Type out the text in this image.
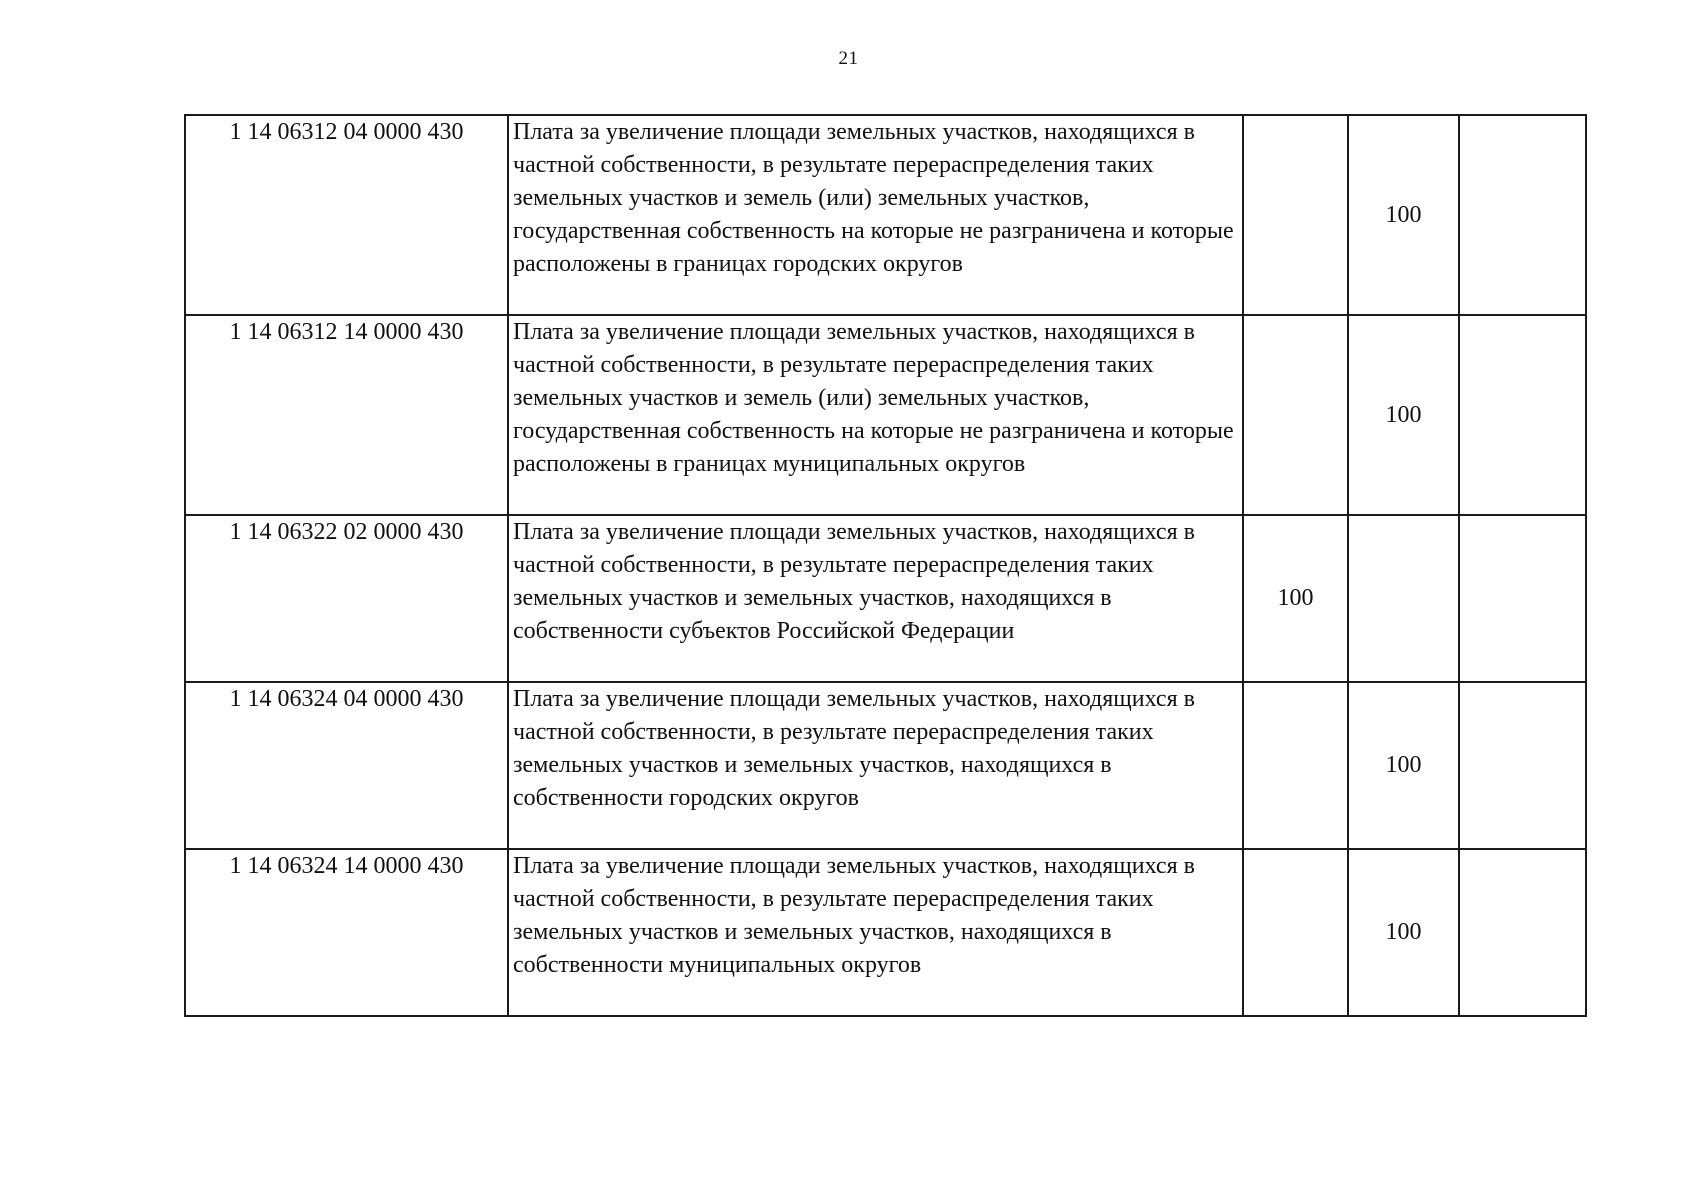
21
1 14 06312 04 0000 430	Плата за увеличение площади земельных участков, находящихся в частной собственности, в результате перераспределения таких земельных участков и земель (или) земельных участков, государственная собственность на которые не разграничена и которые расположены в границах городских округов		100	
1 14 06312 14 0000 430	Плата за увеличение площади земельных участков, находящихся в частной собственности, в результате перераспределения таких земельных участков и земель (или) земельных участков, государственная собственность на которые не разграничена и которые расположены в границах муниципальных округов		100	
1 14 06322 02 0000 430	Плата за увеличение площади земельных участков, находящихся в частной собственности, в результате перераспределения таких земельных участков и земельных участков, находящихся в собственности субъектов Российской Федерации	100		
1 14 06324 04 0000 430	Плата за увеличение площади земельных участков, находящихся в частной собственности, в результате перераспределения таких земельных участков и земельных участков, находящихся в собственности городских округов		100	
1 14 06324 14 0000 430	Плата за увеличение площади земельных участков, находящихся в частной собственности, в результате перераспределения таких земельных участков и земельных участков, находящихся в собственности муниципальных округов		100	
